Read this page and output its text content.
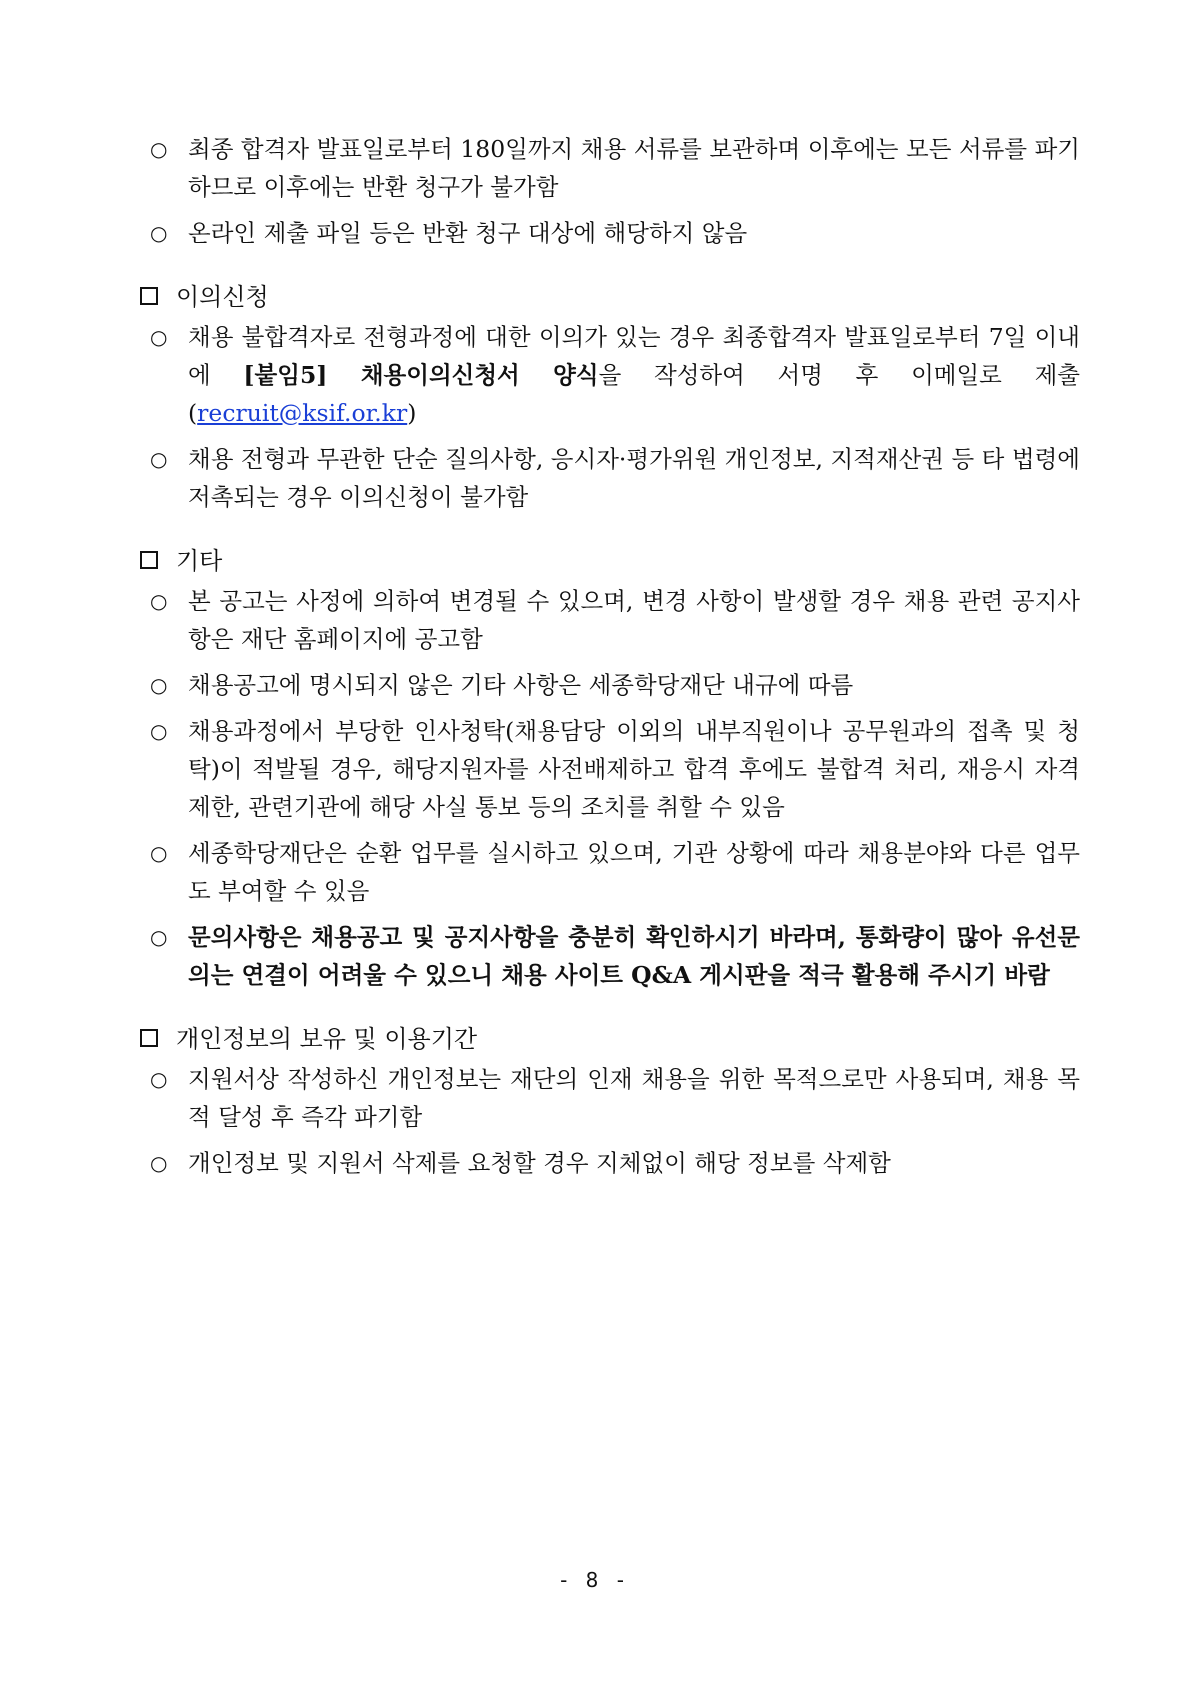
○ 최종 합격자 발표일로부터 180일까지 채용 서류를 보관하며 이후에는 모든 서류를 파기하므로 이후에는 반환 청구가 불가함
○ 온라인 제출 파일 등은 반환 청구 대상에 해당하지 않음
이의신청
○ 채용 불합격자로 전형과정에 대한 이의가 있는 경우 최종합격자 발표일로부터 7일 이내에 [붙임5] 채용이의신청서 양식을 작성하여 서명 후 이메일로 제출(recruit@ksif.or.kr)
○ 채용 전형과 무관한 단순 질의사항, 응시자·평가위원 개인정보, 지적재산권 등 타 법령에 저촉되는 경우 이의신청이 불가함
기타
○ 본 공고는 사정에 의하여 변경될 수 있으며, 변경 사항이 발생할 경우 채용 관련 공지사항은 재단 홈페이지에 공고함
○ 채용공고에 명시되지 않은 기타 사항은 세종학당재단 내규에 따름
○ 채용과정에서 부당한 인사청탁(채용담당 이외의 내부직원이나 공무원과의 접촉 및 청탁)이 적발될 경우, 해당지원자를 사전배제하고 합격 후에도 불합격 처리, 재응시 자격 제한, 관련기관에 해당 사실 통보 등의 조치를 취할 수 있음
○ 세종학당재단은 순환 업무를 실시하고 있으며, 기관 상황에 따라 채용분야와 다른 업무도 부여할 수 있음
○ 문의사항은 채용공고 및 공지사항을 충분히 확인하시기 바라며, 통화량이 많아 유선문의는 연결이 어려울 수 있으니 채용 사이트 Q&A 게시판을 적극 활용해 주시기 바람
개인정보의 보유 및 이용기간
○ 지원서상 작성하신 개인정보는 재단의 인재 채용을 위한 목적으로만 사용되며, 채용 목적 달성 후 즉각 파기함
○ 개인정보 및 지원서 삭제를 요청할 경우 지체없이 해당 정보를 삭제함
- 8 -
